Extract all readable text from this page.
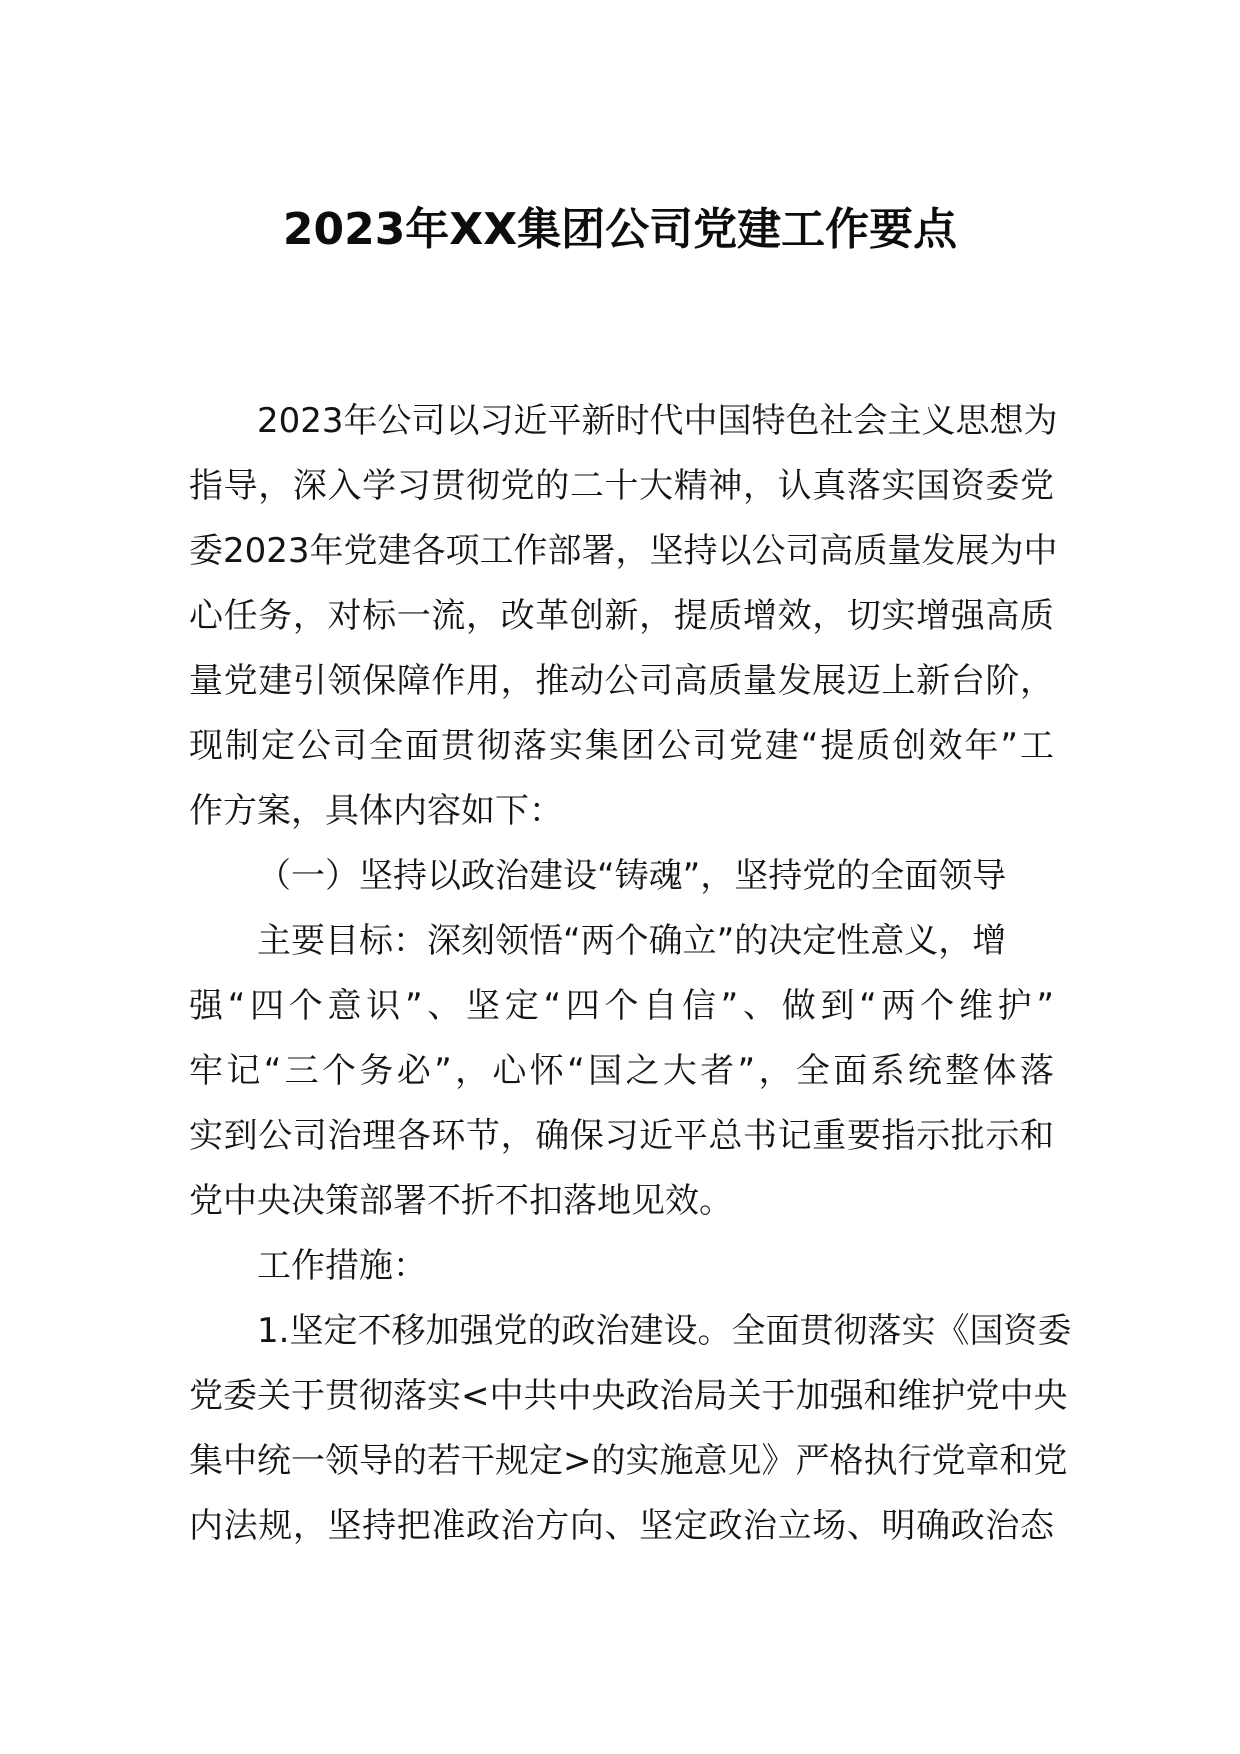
2023年XX集团公司党建工作要点
2023年公司以习近平新时代中国特色社会主义思想为
指导，深入学习贯彻党的二十大精神，认真落实国资委党
委2023年党建各项工作部署，坚持以公司高质量发展为中
心任务，对标一流，改革创新，提质增效，切实增强高质
量党建引领保障作用，推动公司高质量发展迈上新台阶，
现制定公司全面贯彻落实集团公司党建“提质创效年”工
作方案，具体内容如下：
（一）坚持以政治建设“铸魂”，坚持党的全面领导
主要目标：深刻领悟“两个确立”的决定性意义，增
强“四个意识”、坚定“四个自信”、做到“两个维护”
牢记“三个务必”，心怀“国之大者”，全面系统整体落
实到公司治理各环节，确保习近平总书记重要指示批示和
党中央决策部署不折不扣落地见效。
工作措施：
1.坚定不移加强党的政治建设。全面贯彻落实《国资委
党委关于贯彻落实<中共中央政治局关于加强和维护党中央
集中统一领导的若干规定>的实施意见》严格执行党章和党
内法规，坚持把准政治方向、坚定政治立场、明确政治态
